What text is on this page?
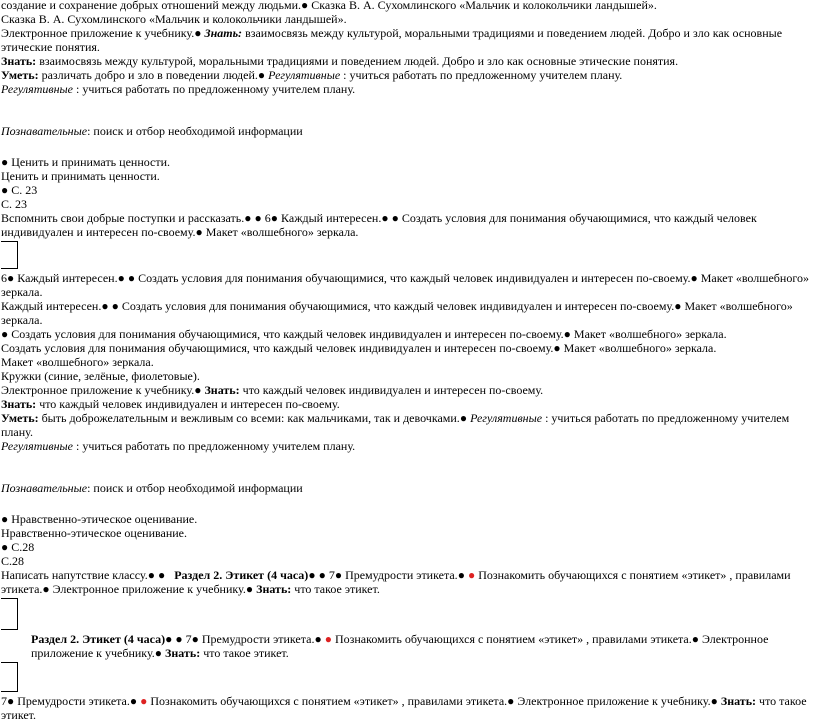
создание и сохранение добрых отношений между людьми.● Сказка В. А. Сухомлинского «Мальчик и колокольчики ландышей».

Сказка В. А. Сухомлинского «Мальчик и колокольчики ландышей».

Электронное приложение к учебнику.● Знать: взаимосвязь между культурой, моральными традициями и поведением людей. Добро и зло как основные этические понятия.

Знать: взаимосвязь между культурой, моральными традициями и поведением людей. Добро и зло как основные этические понятия.

Уметь: различать добро и зло в поведении людей.● Регулятивные : учиться работать по предложенному учителем плану.

Регулятивные : учиться работать по предложенному учителем плану.

Познавательные: поиск и отбор необходимой информации

● Ценить и принимать ценности.

Ценить и принимать ценности.

● С. 23

С. 23

Вспомнить свои добрые поступки и рассказать.● ● 6● Каждый интересен.● ● Создать условия для понимания обучающимися, что каждый человек индивидуален и интересен по-своему.● Макет «волшебного» зеркала.

6● Каждый интересен.● ● Создать условия для понимания обучающимися, что каждый человек индивидуален и интересен по-своему.● Макет «волшебного» зеркала.

Каждый интересен.● ● Создать условия для понимания обучающимися, что каждый человек индивидуален и интересен по-своему.● Макет «волшебного» зеркала.

● Создать условия для понимания обучающимися, что каждый человек индивидуален и интересен по-своему.● Макет «волшебного» зеркала.

Создать условия для понимания обучающимися, что каждый человек индивидуален и интересен по-своему.● Макет «волшебного» зеркала.

Макет «волшебного» зеркала.

Кружки (синие, зелёные, фиолетовые).

Электронное приложение к учебнику.● Знать: что каждый человек индивидуален и интересен по-своему.

Знать: что каждый человек индивидуален и интересен по-своему.

Уметь: быть доброжелательным и вежливым со всеми: как мальчиками, так и девочками.● Регулятивные : учиться работать по предложенному учителем плану.

Регулятивные : учиться работать по предложенному учителем плану.

Познавательные: поиск и отбор необходимой информации

● Нравственно-этическое оценивание.

Нравственно-этическое оценивание.

● С.28

С.28

Написать напутствие классу.● ● Раздел 2. Этикет (4 часа)● ● 7● Премудрости этикета.● ● Познакомить обучающихся с понятием «этикет» , правилами этикета.● Электронное приложение к учебнику.● Знать: что такое этикет.

Раздел 2. Этикет (4 часа)● ● 7● Премудрости этикета.● ● Познакомить обучающихся с понятием «этикет» , правилами этикета.● Электронное приложение к учебнику.● Знать: что такое этикет.

7● Премудрости этикета.● ● Познакомить обучающихся с понятием «этикет» , правилами этикета.● Электронное приложение к учебнику.● Знать: что такое этикет.
